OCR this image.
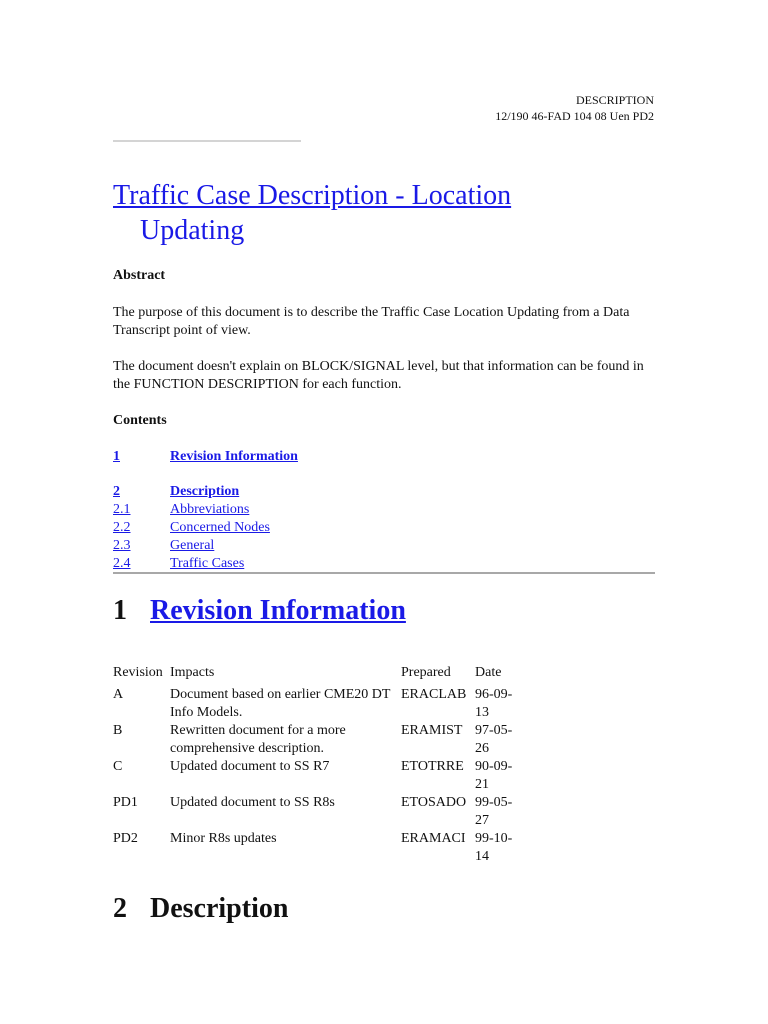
DESCRIPTION
12/190 46-FAD 104 08 Uen PD2
Traffic Case Description - Location
Updating

Abstract

The purpose of this document is to describe the Traffic Case Location Updating from a Data Transcript point of view.

The document doesn't explain on BLOCK/SIGNAL level, but that information can be found in the FUNCTION DESCRIPTION for each function.

Contents

1	Revision Information
2	Description
2.1	Abbreviations
2.2	Concerned Nodes
2.3	General
2.4	Traffic Cases
1 Revision Information
Revision	Impacts	Prepared	Date
A	Document based on earlier CME20 DT Info Models.	ERACLAB	96-09-13
B	Rewritten document for a more comprehensive description.	ERAMIST	97-05-26
C	Updated document to SS R7	ETOTRRE	90-09-21
PD1	Updated document to SS R8s	ETOSADO	99-05-27
PD2	Minor R8s updates	ERAMACI	99-10-14
2 Description
